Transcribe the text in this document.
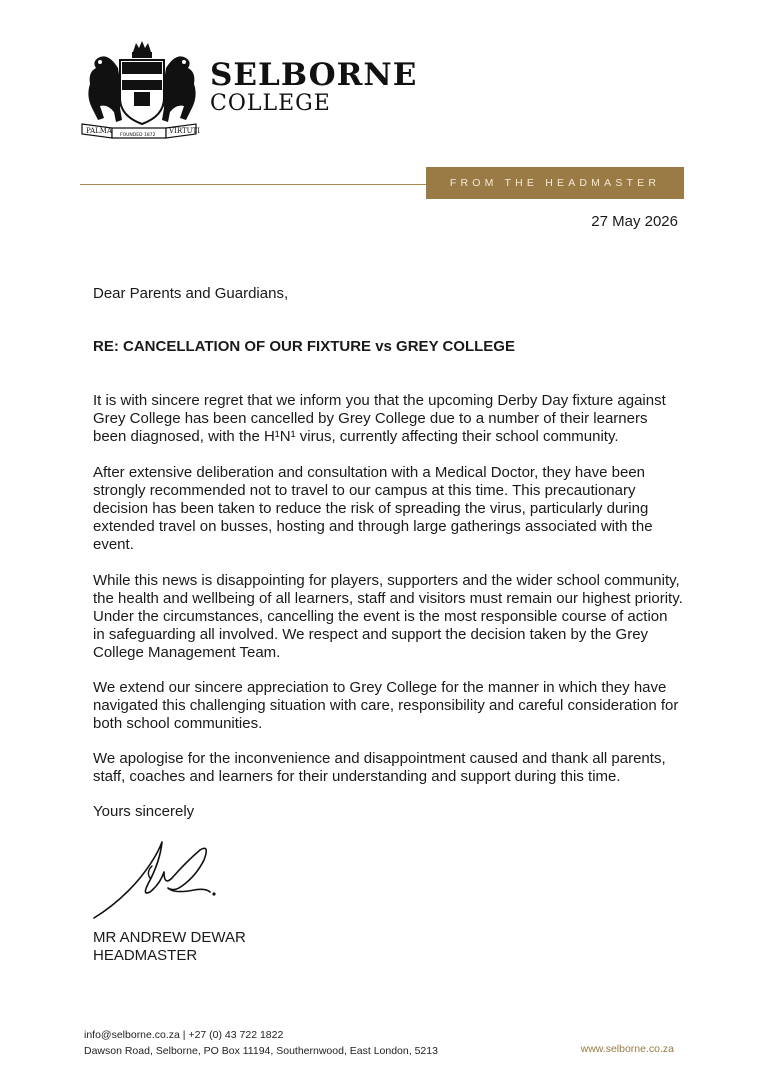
PALMA
FOUNDED 1872
VIRTUTI
SELBORNE
COLLEGE
FROM THE HEADMASTER
27 May 2026
Dear Parents and Guardians,
RE: CANCELLATION OF OUR FIXTURE vs GREY COLLEGE

It is with sincere regret that we inform you that the upcoming Derby Day fixture against Grey College has been cancelled by Grey College due to a number of their learners been diagnosed, with the H¹N¹ virus, currently affecting their school community.

After extensive deliberation and consultation with a Medical Doctor, they have been strongly recommended not to travel to our campus at this time. This precautionary decision has been taken to reduce the risk of spreading the virus, particularly during extended travel on busses, hosting and through large gatherings associated with the event.

While this news is disappointing for players, supporters and the wider school community, the health and wellbeing of all learners, staff and visitors must remain our highest priority. Under the circumstances, cancelling the event is the most responsible course of action in safeguarding all involved. We respect and support the decision taken by the Grey College Management Team.

We extend our sincere appreciation to Grey College for the manner in which they have navigated this challenging situation with care, responsibility and careful consideration for both school communities.

We apologise for the inconvenience and disappointment caused and thank all parents, staff, coaches and learners for their understanding and support during this time.

Yours sincerely
MR ANDREW DEWAR
HEADMASTER
info@selborne.co.za | +27 (0) 43 722 1822
Dawson Road, Selborne, PO Box 11194, Southernwood, East London, 5213	www.selborne.co.za
